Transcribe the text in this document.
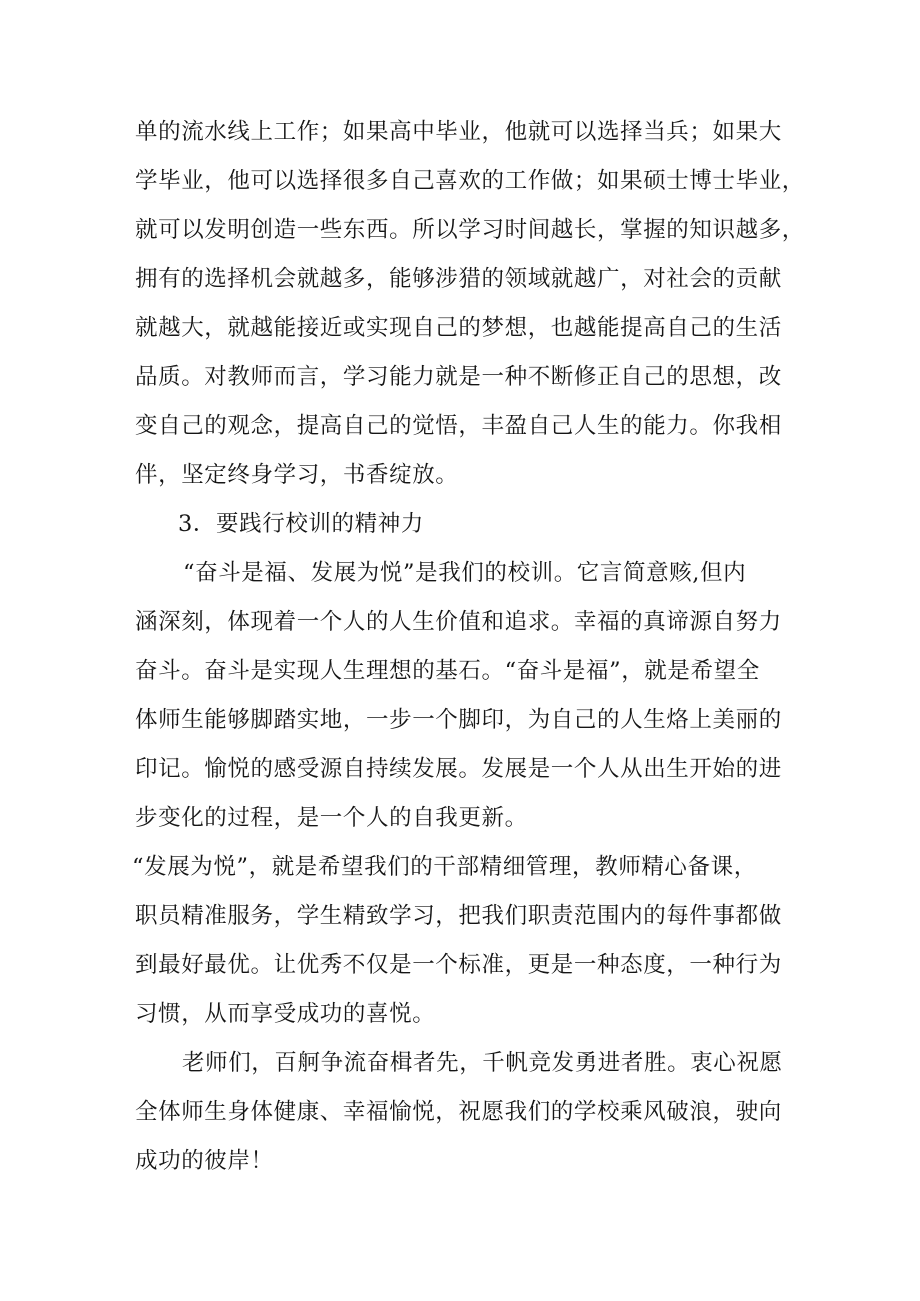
单的流水线上工作；如果高中毕业，他就可以选择当兵；如果大

学毕业，他可以选择很多自己喜欢的工作做；如果硕士博士毕业，

就可以发明创造一些东西。所以学习时间越长，掌握的知识越多，

拥有的选择机会就越多，能够涉猎的领域就越广，对社会的贡献

就越大，就越能接近或实现自己的梦想，也越能提高自己的生活

品质。对教师而言，学习能力就是一种不断修正自己的思想，改

变自己的观念，提高自己的觉悟，丰盈自己人生的能力。你我相

伴，坚定终身学习，书香绽放。

3．要践行校训的精神力

“奋斗是福、发展为悦”是我们的校训。它言简意赅,但内

涵深刻，体现着一个人的人生价值和追求。幸福的真谛源自努力

奋斗。奋斗是实现人生理想的基石。“奋斗是福”，就是希望全

体师生能够脚踏实地，一步一个脚印，为自己的人生烙上美丽的

印记。愉悦的感受源自持续发展。发展是一个人从出生开始的进

步变化的过程，是一个人的自我更新。

“发展为悦”，就是希望我们的干部精细管理，教师精心备课，

职员精准服务，学生精致学习，把我们职责范围内的每件事都做

到最好最优。让优秀不仅是一个标准，更是一种态度，一种行为

习惯，从而享受成功的喜悦。

老师们，百舸争流奋楫者先，千帆竞发勇进者胜。衷心祝愿

全体师生身体健康、幸福愉悦，祝愿我们的学校乘风破浪，驶向

成功的彼岸！
